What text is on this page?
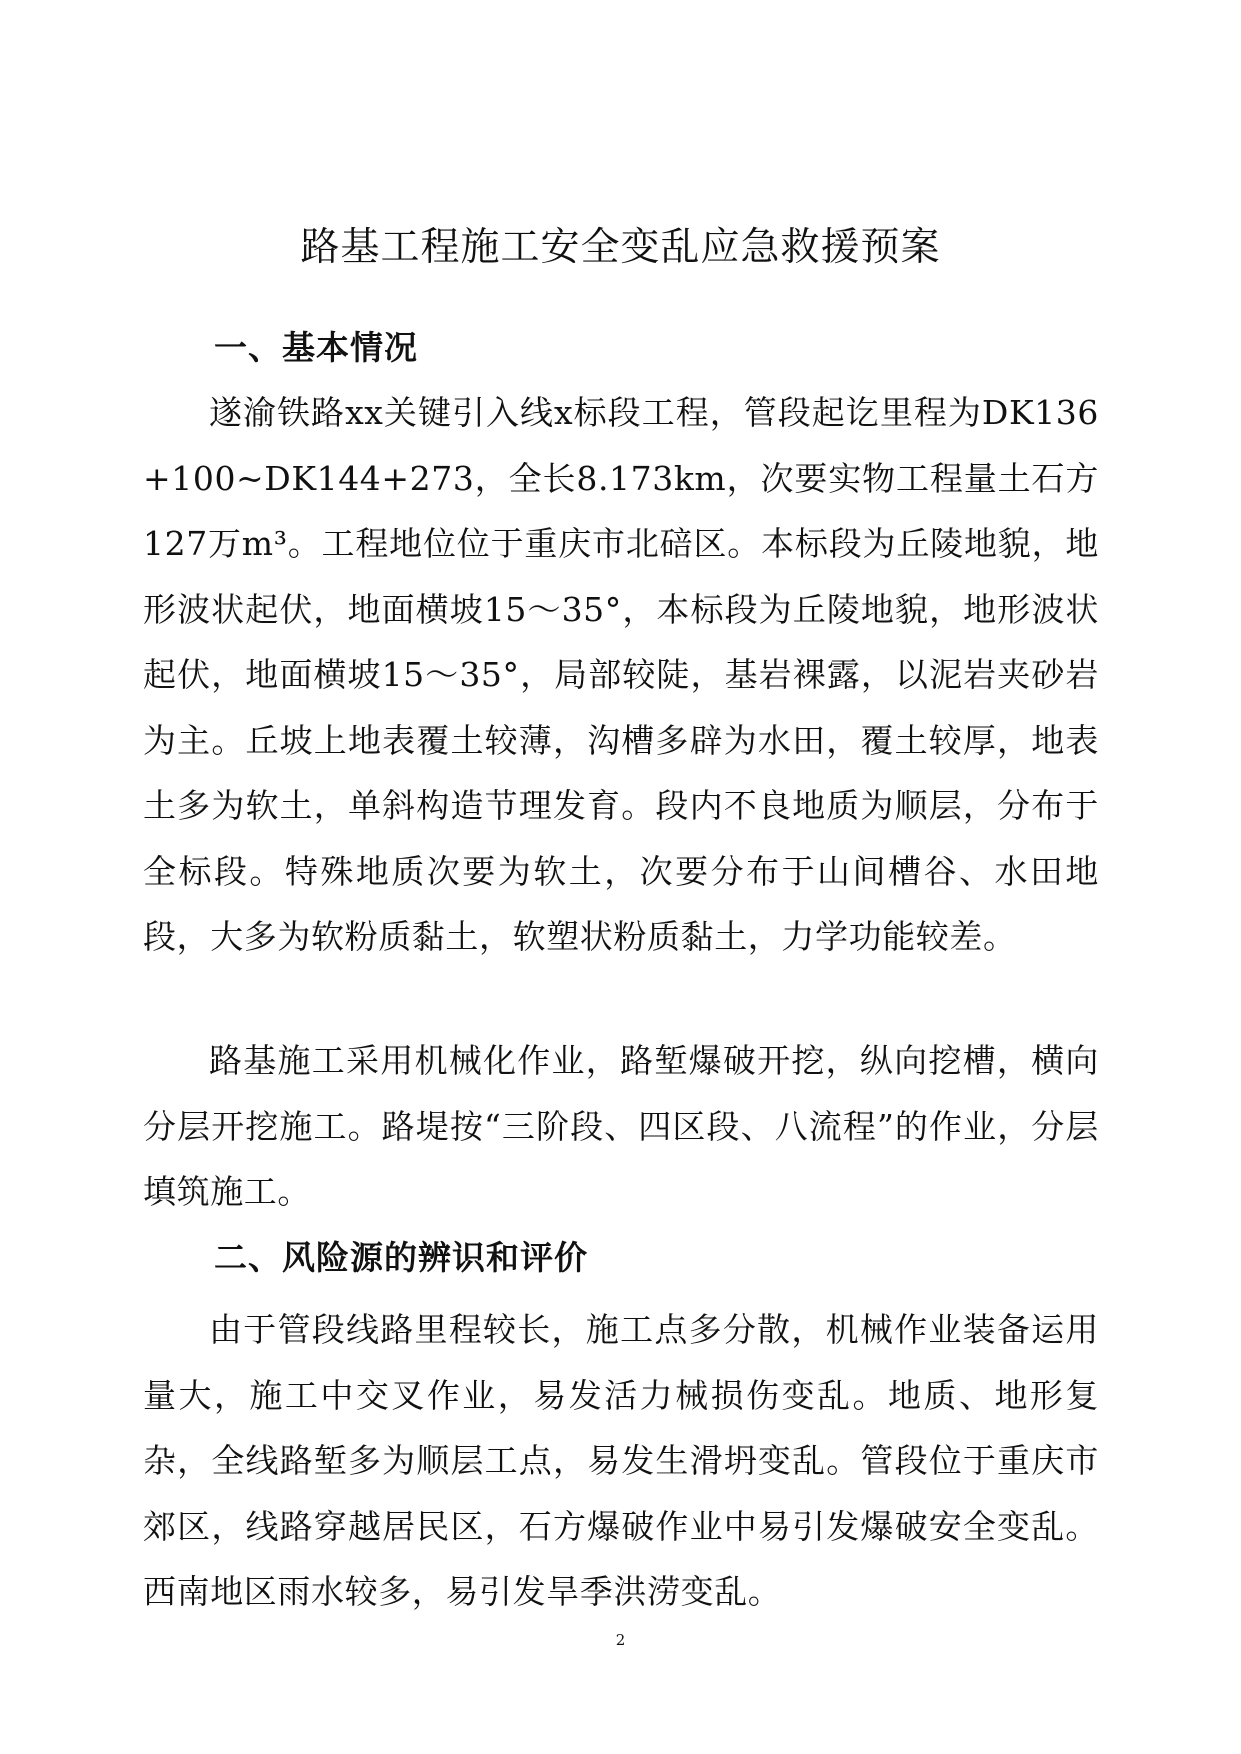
路基工程施工安全变乱应急救援预案
一、基本情况

遂渝铁路xx关键引入线x标段工程，管段起讫里程为DK136+100~DK144+273，全长8.173km，次要实物工程量土石方127万m³。工程地位位于重庆市北碚区。本标段为丘陵地貌，地形波状起伏，地面横坡15～35°，本标段为丘陵地貌，地形波状起伏，地面横坡15～35°，局部较陡，基岩裸露，以泥岩夹砂岩为主。丘坡上地表覆土较薄，沟槽多辟为水田，覆土较厚，地表土多为软土，单斜构造节理发育。段内不良地质为顺层，分布于全标段。特殊地质次要为软土，次要分布于山间槽谷、水田地段，大多为软粉质黏土，软塑状粉质黏土，力学功能较差。

路基施工采用机械化作业，路堑爆破开挖，纵向挖槽，横向分层开挖施工。路堤按“三阶段、四区段、八流程”的作业，分层填筑施工。

二、风险源的辨识和评价

由于管段线路里程较长，施工点多分散，机械作业装备运用量大，施工中交叉作业，易发活力械损伤变乱。地质、地形复杂，全线路堑多为顺层工点，易发生滑坍变乱。管段位于重庆市郊区，线路穿越居民区，石方爆破作业中易引发爆破安全变乱。西南地区雨水较多，易引发旱季洪涝变乱。

2
